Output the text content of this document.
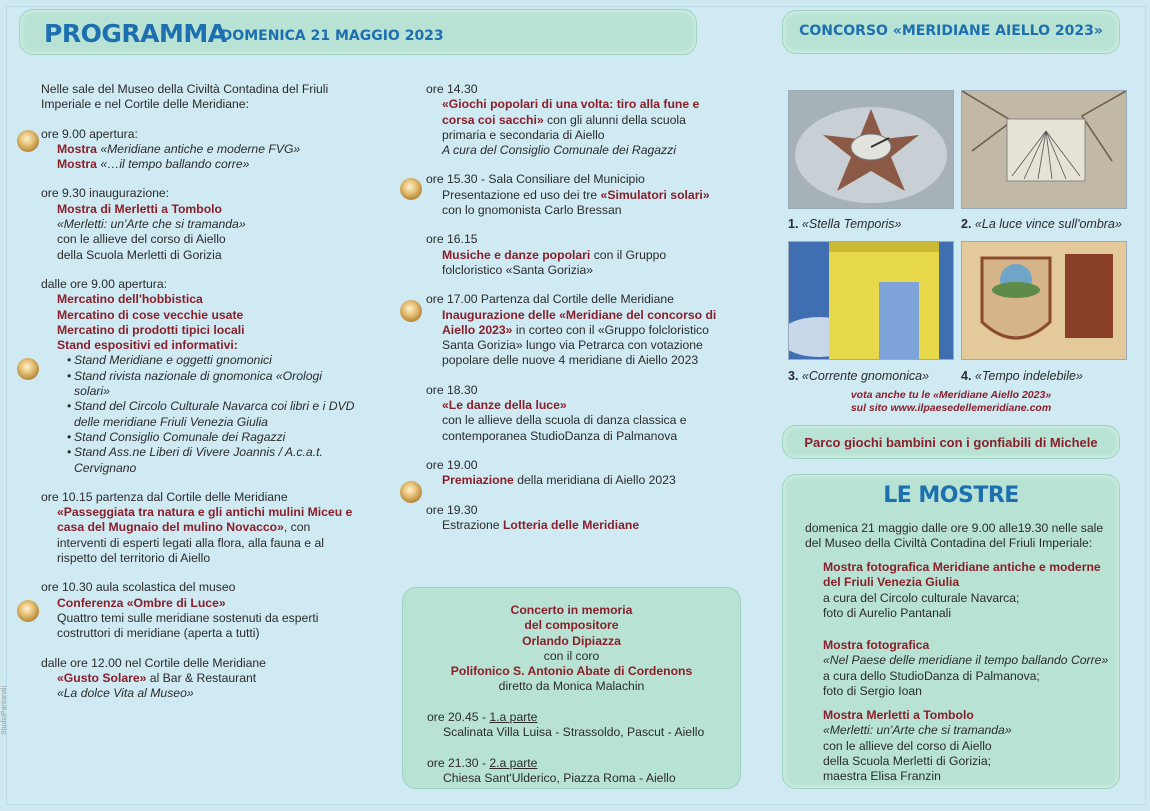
PROGRAMMA
- DOMENICA 21 MAGGIO 2023	CONCORSO «MERIDIANE AIELLO 2023»
Nelle sale del Museo della Civiltà Contadina del Friuli Imperiale e nel Cortile delle Meridiane:
ore 9.00 apertura:
Mostra «Meridiane antiche e moderne FVG»
Mostra «…il tempo ballando corre»
ore 9.30 inaugurazione:
Mostra di Merletti a Tombolo
«Merletti: un'Arte che si tramanda»
con le allieve del corso di Aiello
della Scuola Merletti di Gorizia
dalle ore 9.00 apertura:
Mercatino dell'hobbistica
Mercatino di cose vecchie usate
Mercatino di prodotti tipici locali
Stand espositivi ed informativi:
• Stand Meridiane e oggetti gnomonici
• Stand rivista nazionale di gnomonica «Orologi solari»
• Stand del Circolo Culturale Navarca coi libri e i DVD delle meridiane Friuli Venezia Giulia
• Stand Consiglio Comunale dei Ragazzi
• Stand Ass.ne Liberi di Vivere Joannis / A.c.a.t. Cervignano
ore 10.15 partenza dal Cortile delle Meridiane
«Passeggiata tra natura e gli antichi mulini Miceu e casa del Mugnaio del mulino Novacco», con interventi di esperti legati alla flora, alla fauna e al rispetto del territorio di Aiello
ore 10.30 aula scolastica del museo
Conferenza «Ombre di Luce»
Quattro temi sulle meridiane sostenuti da esperti costruttori di meridiane (aperta a tutti)
dalle ore 12.00 nel Cortile delle Meridiane
«Gusto Solare» al Bar & Restaurant
«La dolce Vita al Museo»
ore 14.30
«Giochi popolari di una volta: tiro alla fune e corsa coi sacchi» con gli alunni della scuola primaria e secondaria di Aiello
A cura del Consiglio Comunale dei Ragazzi
ore 15.30 - Sala Consiliare del Municipio
Presentazione ed uso dei tre «Simulatori solari» con lo gnomonista Carlo Bressan
ore 16.15
Musiche e danze popolari con il Gruppo folcloristico «Santa Gorizia»
ore 17.00 Partenza dal Cortile delle Meridiane
Inaugurazione delle «Meridiane del concorso di Aiello 2023» in corteo con il «Gruppo folcloristico Santa Gorizia» lungo via Petrarca con votazione popolare delle nuove 4 meridiane di Aiello 2023
ore 18.30
«Le danze della luce»
con le allieve della scuola di danza classica e contemporanea StudioDanza di Palmanova
ore 19.00
Premiazione della meridiana di Aiello 2023
ore 19.30
Estrazione Lotteria delle Meridiane
Concerto in memoria
del compositore
Orlando Dipiazza
con il coro
Polifonico S. Antonio Abate di Cordenons
diretto da Monica Malachin
ore 20.45 - 1.a parte
Scalinata Villa Luisa - Strassoldo, Pascut - Aiello
ore 21.30 - 2.a parte
Chiesa Sant'Ulderico, Piazza Roma - Aiello
1. «Stella Temporis»	2. «La luce vince sull'ombra»
3. «Corrente gnomonica»	4. «Tempo indelebile»
vota anche tu le «Meridiane Aiello 2023»
sul sito www.ilpaesedellemeridiane.com
Parco giochi bambini con i gonfiabili di Michele
LE MOSTRE
domenica 21 maggio dalle ore 9.00 alle19.30 nelle sale del Museo della Civiltà Contadina del Friuli Imperiale:
Mostra fotografica Meridiane antiche e moderne del Friuli Venezia Giulia
a cura del Circolo culturale Navarca;
foto di Aurelio Pantanali
Mostra fotografica
«Nel Paese delle meridiane il tempo ballando Corre» a cura dello StudioDanza di Palmanova;
foto di Sergio Ioan
Mostra Merletti a Tombolo
«Merletti: un'Arte che si tramanda»
con le allieve del corso di Aiello
della Scuola Merletti di Gorizia;
maestra Elisa Franzin
StudioPantanali
